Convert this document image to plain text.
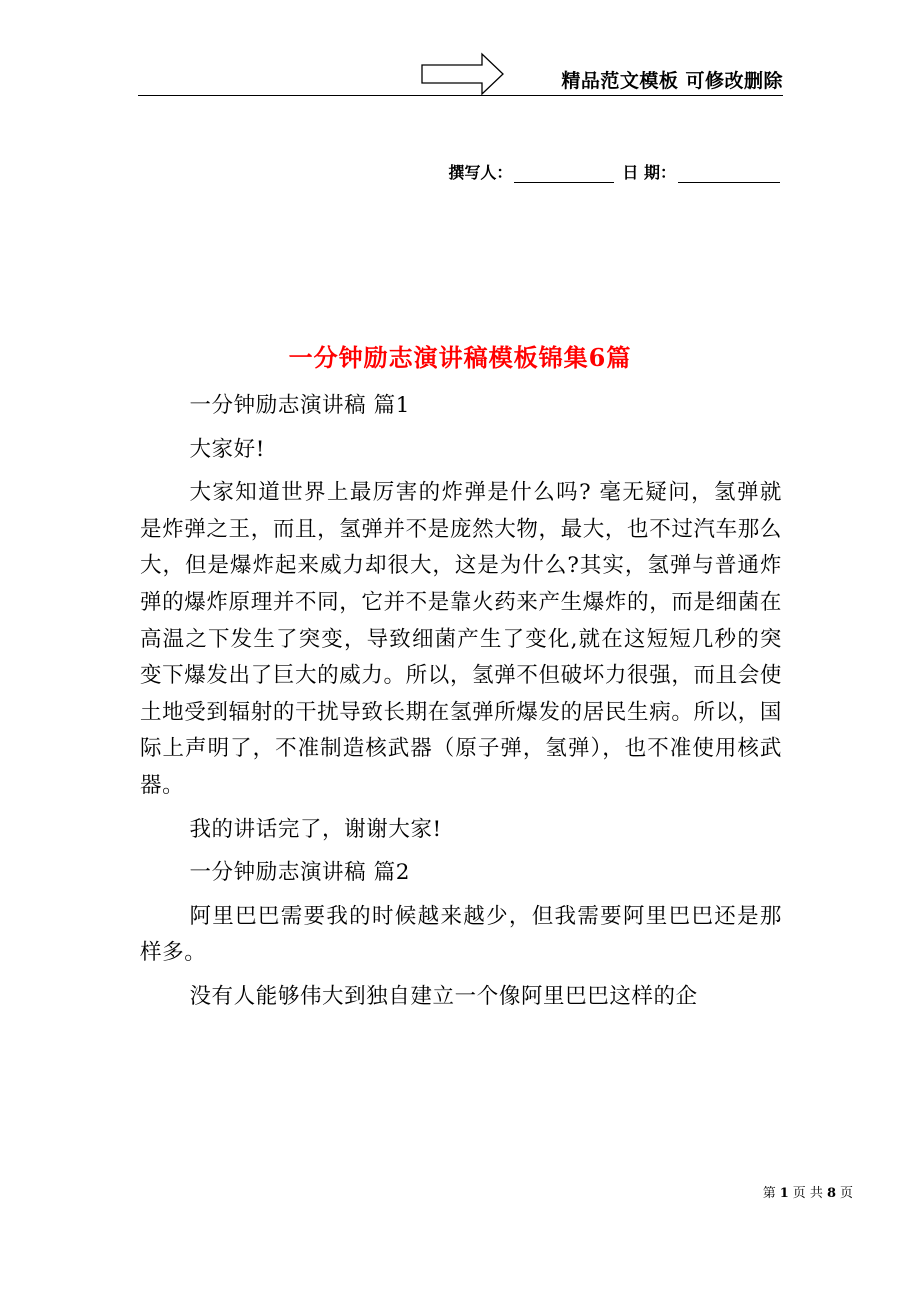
精品范文模板 可修改删除
撰写人：	日 期：
一分钟励志演讲稿模板锦集6篇

一分钟励志演讲稿 篇1

大家好!

大家知道世界上最厉害的炸弹是什么吗? 毫无疑问，氢弹就是炸弹之王，而且，氢弹并不是庞然大物，最大，也不过汽车那么大，但是爆炸起来威力却很大，这是为什么?其实，氢弹与普通炸弹的爆炸原理并不同，它并不是靠火药来产生爆炸的，而是细菌在高温之下发生了突变，导致细菌产生了变化,就在这短短几秒的突变下爆发出了巨大的威力。所以，氢弹不但破坏力很强，而且会使土地受到辐射的干扰导致长期在氢弹所爆发的居民生病。所以，国际上声明了，不准制造核武器（原子弹，氢弹），也不准使用核武器。

我的讲话完了，谢谢大家!

一分钟励志演讲稿 篇2

阿里巴巴需要我的时候越来越少，但我需要阿里巴巴还是那样多。

没有人能够伟大到独自建立一个像阿里巴巴这样的企

第 1 页 共 8 页
